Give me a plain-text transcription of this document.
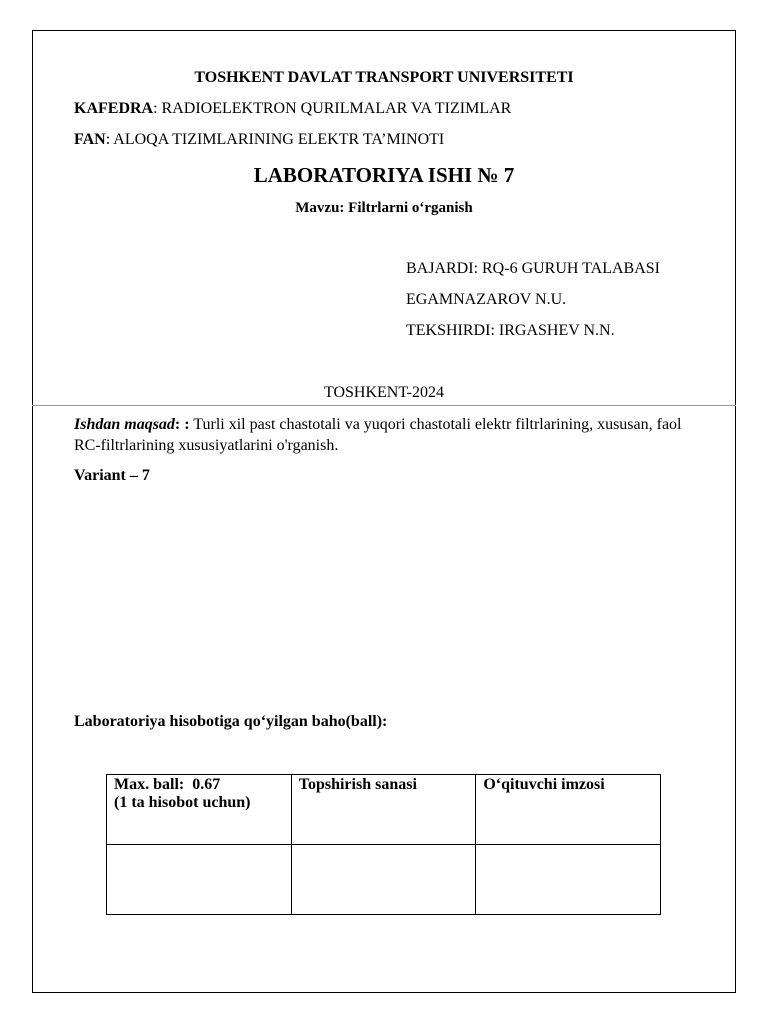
TOSHKENT DAVLAT TRANSPORT UNIVERSITETI
KAFEDRA: RADIOELEKTRON QURILMALAR VA TIZIMLAR
FAN: ALOQA TIZIMLARINING ELEKTR TA’MINOTI
LABORATORIYA ISHI № 7
Mavzu: Filtrlarni o‘rganish
BAJARDI: RQ-6 GURUH TALABASI
EGAMNAZAROV N.U.
TEKSHIRDI: IRGASHEV N.N.
TOSHKENT-2024
Ishdan maqsad: : Turli xil past chastotali va yuqori chastotali elektr filtrlarining, xususan, faol RC-filtrlarining xususiyatlarini o'rganish.
Variant – 7
Laboratoriya hisobotiga qo‘yilgan baho(ball):
Max. ball:  0.67
(1 ta hisobot uchun)	Topshirish sanasi	O‘qituvchi imzosi
